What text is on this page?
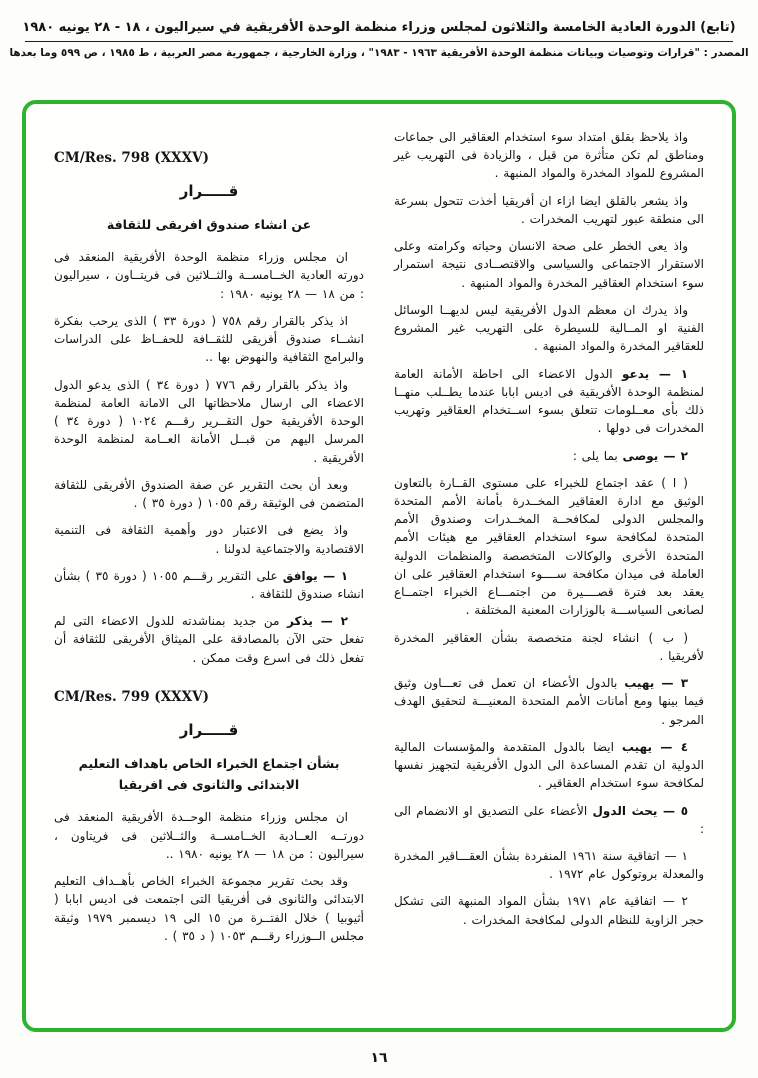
(تابع) الدورة العادية الخامسة والثلاثون لمجلس وزراء منظمة الوحدة الأفريقية في سيراليون ، ١٨ - ٢٨ يونيه ١٩٨٠
المصدر : "قرارات وتوصيات وبيانات منظمة الوحدة الأفريقية ١٩٦٣ - ١٩٨٣" ، وزارة الخارجية ، جمهورية مصر العربية ، ط ١٩٨٥ ، ص ٥٩٩ وما بعدها

واذ يلاحظ بقلق امتداد سوء استخدام العقاقير الى جماعات ومناطق لم تكن متأثرة من قبل ، والزيادة فى التهريب غير المشروع للمواد المخدرة والمواد المنبهة .

واذ يشعر بالقلق ايضا ازاء ان أفريقيا أخذت تتحول بسرعة الى منطقة عبور لتهريب المخدرات .

واذ يعى الخطر على صحة الانسان وحياته وكرامته وعلى الاستقرار الاجتماعى والسياسى والاقتصــادى نتيجة استمرار سوء استخدام العقاقير المخدرة والمواد المنبهة .

واذ يدرك ان معظم الدول الأفريقية ليس لديهــا الوسائل الفنية او المــالية للسيطرة على التهريب غير المشروع للعقاقير المخدرة والمواد المنبهة .

١ — يدعو الدول الاعضاء الى احاطة الأمانة العامة لمنظمة الوحدة الأفريقية فى اديس ابابا عندما يطــلب منهــا ذلك بأى معــلومات تتعلق بسوء اســتخدام العقاقير وتهريب المخدرات فى دولها .

٢ — يوصى بما يلى :

( ا ) عقد اجتماع للخبراء على مستوى القــارة بالتعاون الوثيق مع ادارة العقاقير المخــدرة بأمانة الأمم المتحدة والمجلس الدولى لمكافحــة المخــدرات وصندوق الأمم المتحدة لمكافحة سوء استخدام العقاقير مع هيئات الأمم المتحدة الأخرى والوكالات المتخصصة والمنظمات الدولية العاملة فى ميدان مكافحة ســــوء استخدام العقاقير على ان يعقد بعد فترة قصــــيرة من اجتمـــاع الخبراء اجتمــاع لصانعى السياســـة بالوزارات المعنية المختلفة .

( ب ) انشاء لجنة متخصصة بشأن العقاقير المخدرة لأفريقيا .

٣ — يهيب بالدول الأعضاء ان تعمل فى تعـــاون وثيق فيما بينها ومع أمانات الأمم المتحدة المعنيـــة لتحقيق الهدف المرجو .

٤ — يهيب ايضا بالدول المتقدمة والمؤسسات المالية الدولية ان تقدم المساعدة الى الدول الأفريقية لتجهيز نفسها لمكافحة سوء استخدام العقاقير .

٥ — يحث الدول الأعضاء على التصديق او الانضمام الى :

١ — اتفاقية سنة ١٩٦١ المنفردة بشأن العقـــاقير المخدرة والمعدلة بروتوكول عام ١٩٧٢ .

٢ — اتفاقية عام ١٩٧١ بشأن المواد المنبهة التى تشكل حجر الزاوية للنظام الدولى لمكافحة المخدرات .

CM/Res. 798 (XXXV)
قـــــرار
عن انشاء صندوق افريقى للثقافة

ان مجلس وزراء منظمة الوحدة الأفريقية المنعقد فى دورته العادية الخــامســة والثــلاثين فى فريتــاون ، سيراليون : من ١٨ — ٢٨ يونيه ١٩٨٠ :

اذ يذكر بالقرار رقم ٧٥٨ ( دورة ٣٣ ) الذى يرحب بفكرة انشــاء صندوق أفريقى للثقــافة للحفــاظ على الدراسات والبرامج الثقافية والنهوض بها ..

واذ يذكر بالقرار رقم ٧٧٦ ( دورة ٣٤ ) الذى يدعو الدول الاعضاء الى ارسال ملاحظاتها الى الامانة العامة لمنظمة الوحدة الأفريقية حول التقــرير رقـــم ١٠٢٤ ( دورة ٣٤ ) المرسل اليهم من قبــل الأمانة العــامة لمنظمة الوحدة الأفريقية .

وبعد أن بحث التقرير عن صفة الصندوق الأفريقى للثقافة المتضمن فى الوثيقة رقم ١٠٥٥ ( دورة ٣٥ ) .

واذ يضع فى الاعتبار دور وأهمية الثقافة فى التنمية الاقتصادية والاجتماعية لدولنا .

١ — يوافق على التقرير رقـــم ١٠٥٥ ( دورة ٣٥ ) بشأن انشاء صندوق للثقافة .

٢ — يذكر من جديد بمناشدته للدول الاعضاء التى لم تفعل حتى الآن بالمصادقة على الميثاق الأفريقى للثقافة أن تفعل ذلك فى اسرع وقت ممكن .

CM/Res. 799 (XXXV)
قـــــرار
بشأن اجتماع الخبراء الخاص باهداف التعليم الابتدائى والثانوى فى افريقيا

ان مجلس وزراء منظمة الوحــدة الأفريقية المنعقد فى دورتــه العــادية الخــامســة والثــلاثين فى فريتاون ، سيراليون : من ١٨ — ٢٨ يونيه ١٩٨٠ ..

وقد بحث تقرير مجموعة الخبراء الخاص بأهــداف التعليم الابتدائى والثانوى فى أفريقيا التى اجتمعت فى اديس ابابا ( أثيوبيا ) خلال الفتــرة من ١٥ الى ١٩ ديسمبر ١٩٧٩ وثيقة مجلس الــوزراء رقـــم ١٠٥٣ ( د ٣٥ ) .

١٦
